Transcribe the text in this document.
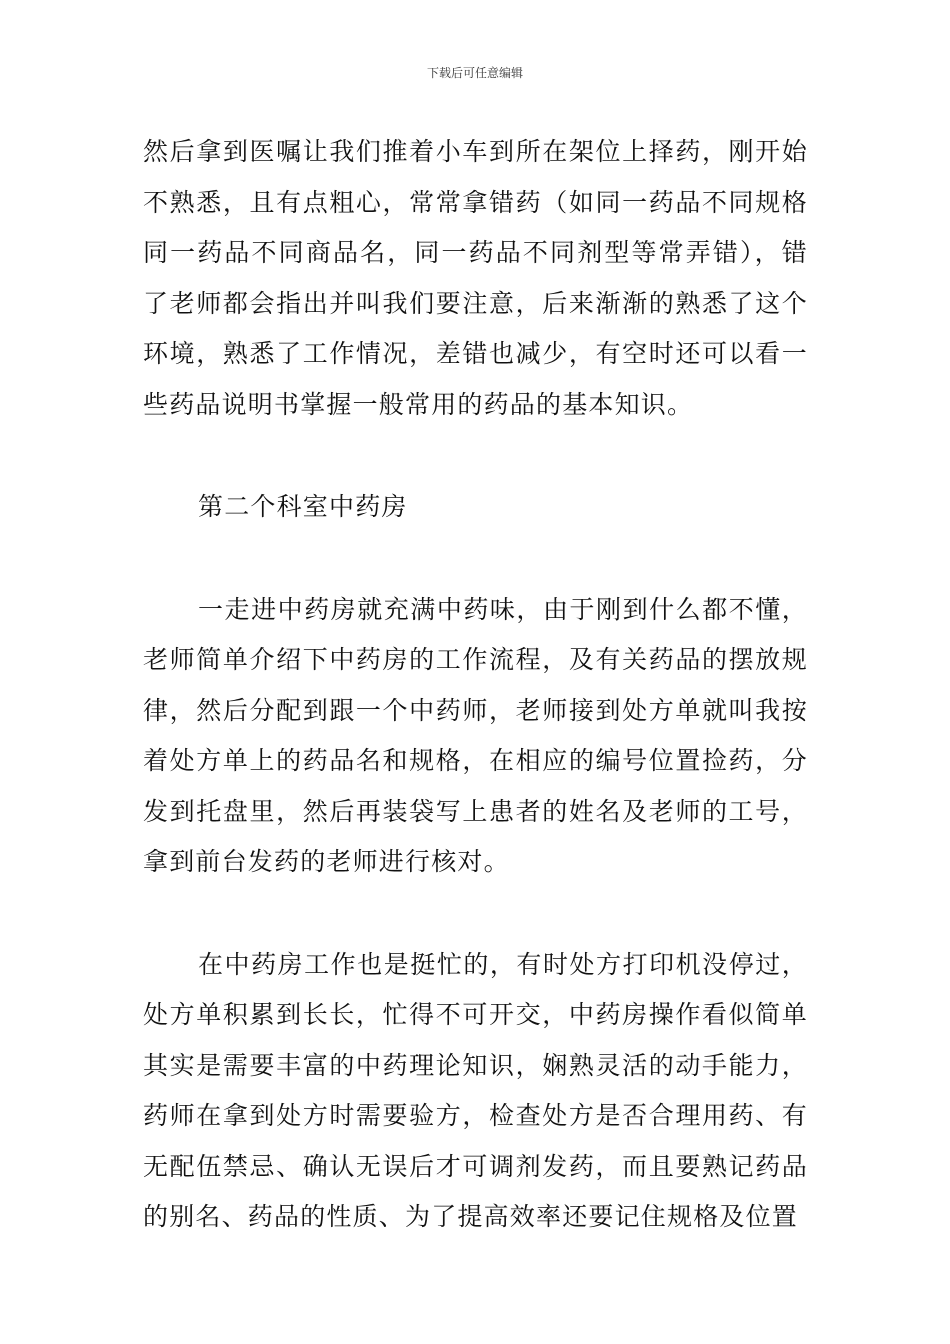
下载后可任意编辑

然后拿到医嘱让我们推着小车到所在架位上择药，刚开始不熟悉，且有点粗心，常常拿错药（如同一药品不同规格同一药品不同商品名，同一药品不同剂型等常弄错），错了老师都会指出并叫我们要注意，后来渐渐的熟悉了这个环境，熟悉了工作情况，差错也减少，有空时还可以看一些药品说明书掌握一般常用的药品的基本知识。

第二个科室中药房

一走进中药房就充满中药味，由于刚到什么都不懂，老师简单介绍下中药房的工作流程，及有关药品的摆放规律，然后分配到跟一个中药师，老师接到处方单就叫我按着处方单上的药品名和规格，在相应的编号位置捡药，分发到托盘里，然后再装袋写上患者的姓名及老师的工号，拿到前台发药的老师进行核对。

在中药房工作也是挺忙的，有时处方打印机没停过，处方单积累到长长，忙得不可开交，中药房操作看似简单其实是需要丰富的中药理论知识，娴熟灵活的动手能力，药师在拿到处方时需要验方，检查处方是否合理用药、有无配伍禁忌、确认无误后才可调剂发药，而且要熟记药品的别名、药品的性质、为了提高效率还要记住规格及位置
